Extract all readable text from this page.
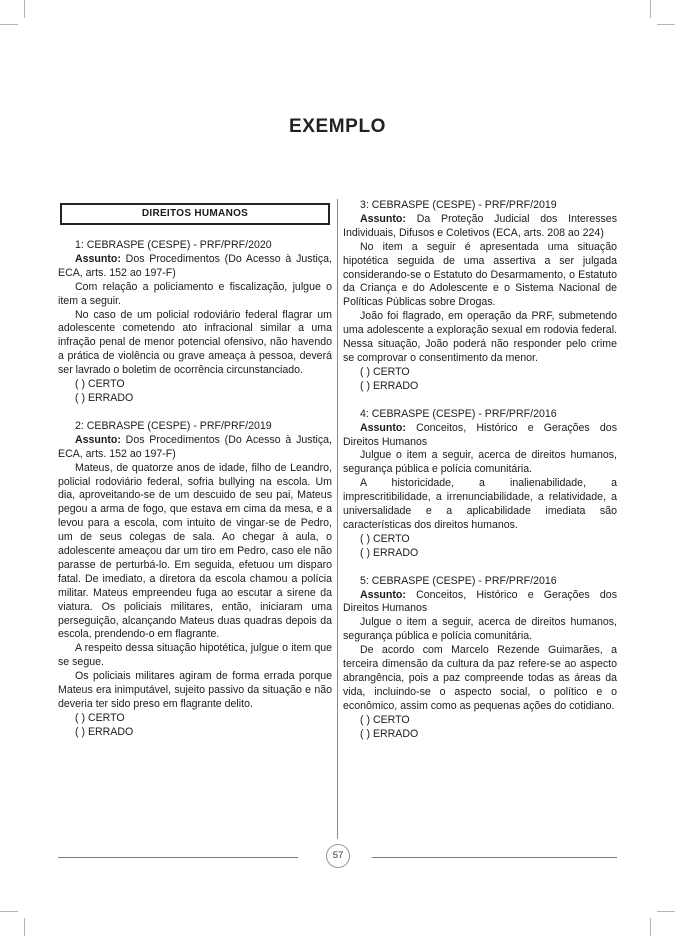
EXEMPLO
DIREITOS HUMANOS

1: CEBRASPE (CESPE) - PRF/PRF/2020

Assunto: Dos Procedimentos (Do Acesso à Justiça, ECA, arts. 152 ao 197-F)

Com relação a policiamento e fiscalização, julgue o item a seguir.

No caso de um policial rodoviário federal flagrar um adolescente cometendo ato infracional similar a uma infração penal de menor potencial ofensivo, não havendo a prática de violência ou grave ameaça à pessoa, deverá ser lavrado o boletim de ocorrência circunstanciado.

( ) CERTO

( ) ERRADO

2: CEBRASPE (CESPE) - PRF/PRF/2019

Assunto: Dos Procedimentos (Do Acesso à Justiça, ECA, arts. 152 ao 197-F)

Mateus, de quatorze anos de idade, filho de Leandro, policial rodoviário federal, sofria bullying na escola. Um dia, aproveitando-se de um descuido de seu pai, Mateus pegou a arma de fogo, que estava em cima da mesa, e a levou para a escola, com intuito de vingar-se de Pedro, um de seus colegas de sala. Ao chegar à aula, o adolescente ameaçou dar um tiro em Pedro, caso ele não parasse de perturbá-lo. Em seguida, efetuou um disparo fatal. De imediato, a diretora da escola chamou a polícia militar. Mateus empreendeu fuga ao escutar a sirene da viatura. Os policiais militares, então, iniciaram uma perseguição, alcançando Mateus duas quadras depois da escola, prendendo-o em flagrante.

A respeito dessa situação hipotética, julgue o item que se segue.

Os policiais militares agiram de forma errada porque Mateus era inimputável, sujeito passivo da situação e não deveria ter sido preso em flagrante delito.

( ) CERTO

( ) ERRADO

3: CEBRASPE (CESPE) - PRF/PRF/2019

Assunto: Da Proteção Judicial dos Interesses Individuais, Difusos e Coletivos (ECA, arts. 208 ao 224)

No item a seguir é apresentada uma situação hipotética seguida de uma assertiva a ser julgada considerando-se o Estatuto do Desarmamento, o Estatuto da Criança e do Adolescente e o Sistema Nacional de Políticas Públicas sobre Drogas.

João foi flagrado, em operação da PRF, submetendo uma adolescente a exploração sexual em rodovia federal. Nessa situação, João poderá não responder pelo crime se comprovar o consentimento da menor.

( ) CERTO

( ) ERRADO

4: CEBRASPE (CESPE) - PRF/PRF/2016

Assunto: Conceitos, Histórico e Gerações dos Direitos Humanos

Julgue o item a seguir, acerca de direitos humanos, segurança pública e polícia comunitária.

A historicidade, a inalienabilidade, a imprescritibilidade, a irrenunciabilidade, a relatividade, a universalidade e a aplicabilidade imediata são características dos direitos humanos.

( ) CERTO

( ) ERRADO

5: CEBRASPE (CESPE) - PRF/PRF/2016

Assunto: Conceitos, Histórico e Gerações dos Direitos Humanos

Julgue o item a seguir, acerca de direitos humanos, segurança pública e polícia comunitária.

De acordo com Marcelo Rezende Guimarães, a terceira dimensão da cultura da paz refere-se ao aspecto abrangência, pois a paz compreende todas as áreas da vida, incluindo-se o aspecto social, o político e o econômico, assim como as pequenas ações do cotidiano.

( ) CERTO

( ) ERRADO

57
